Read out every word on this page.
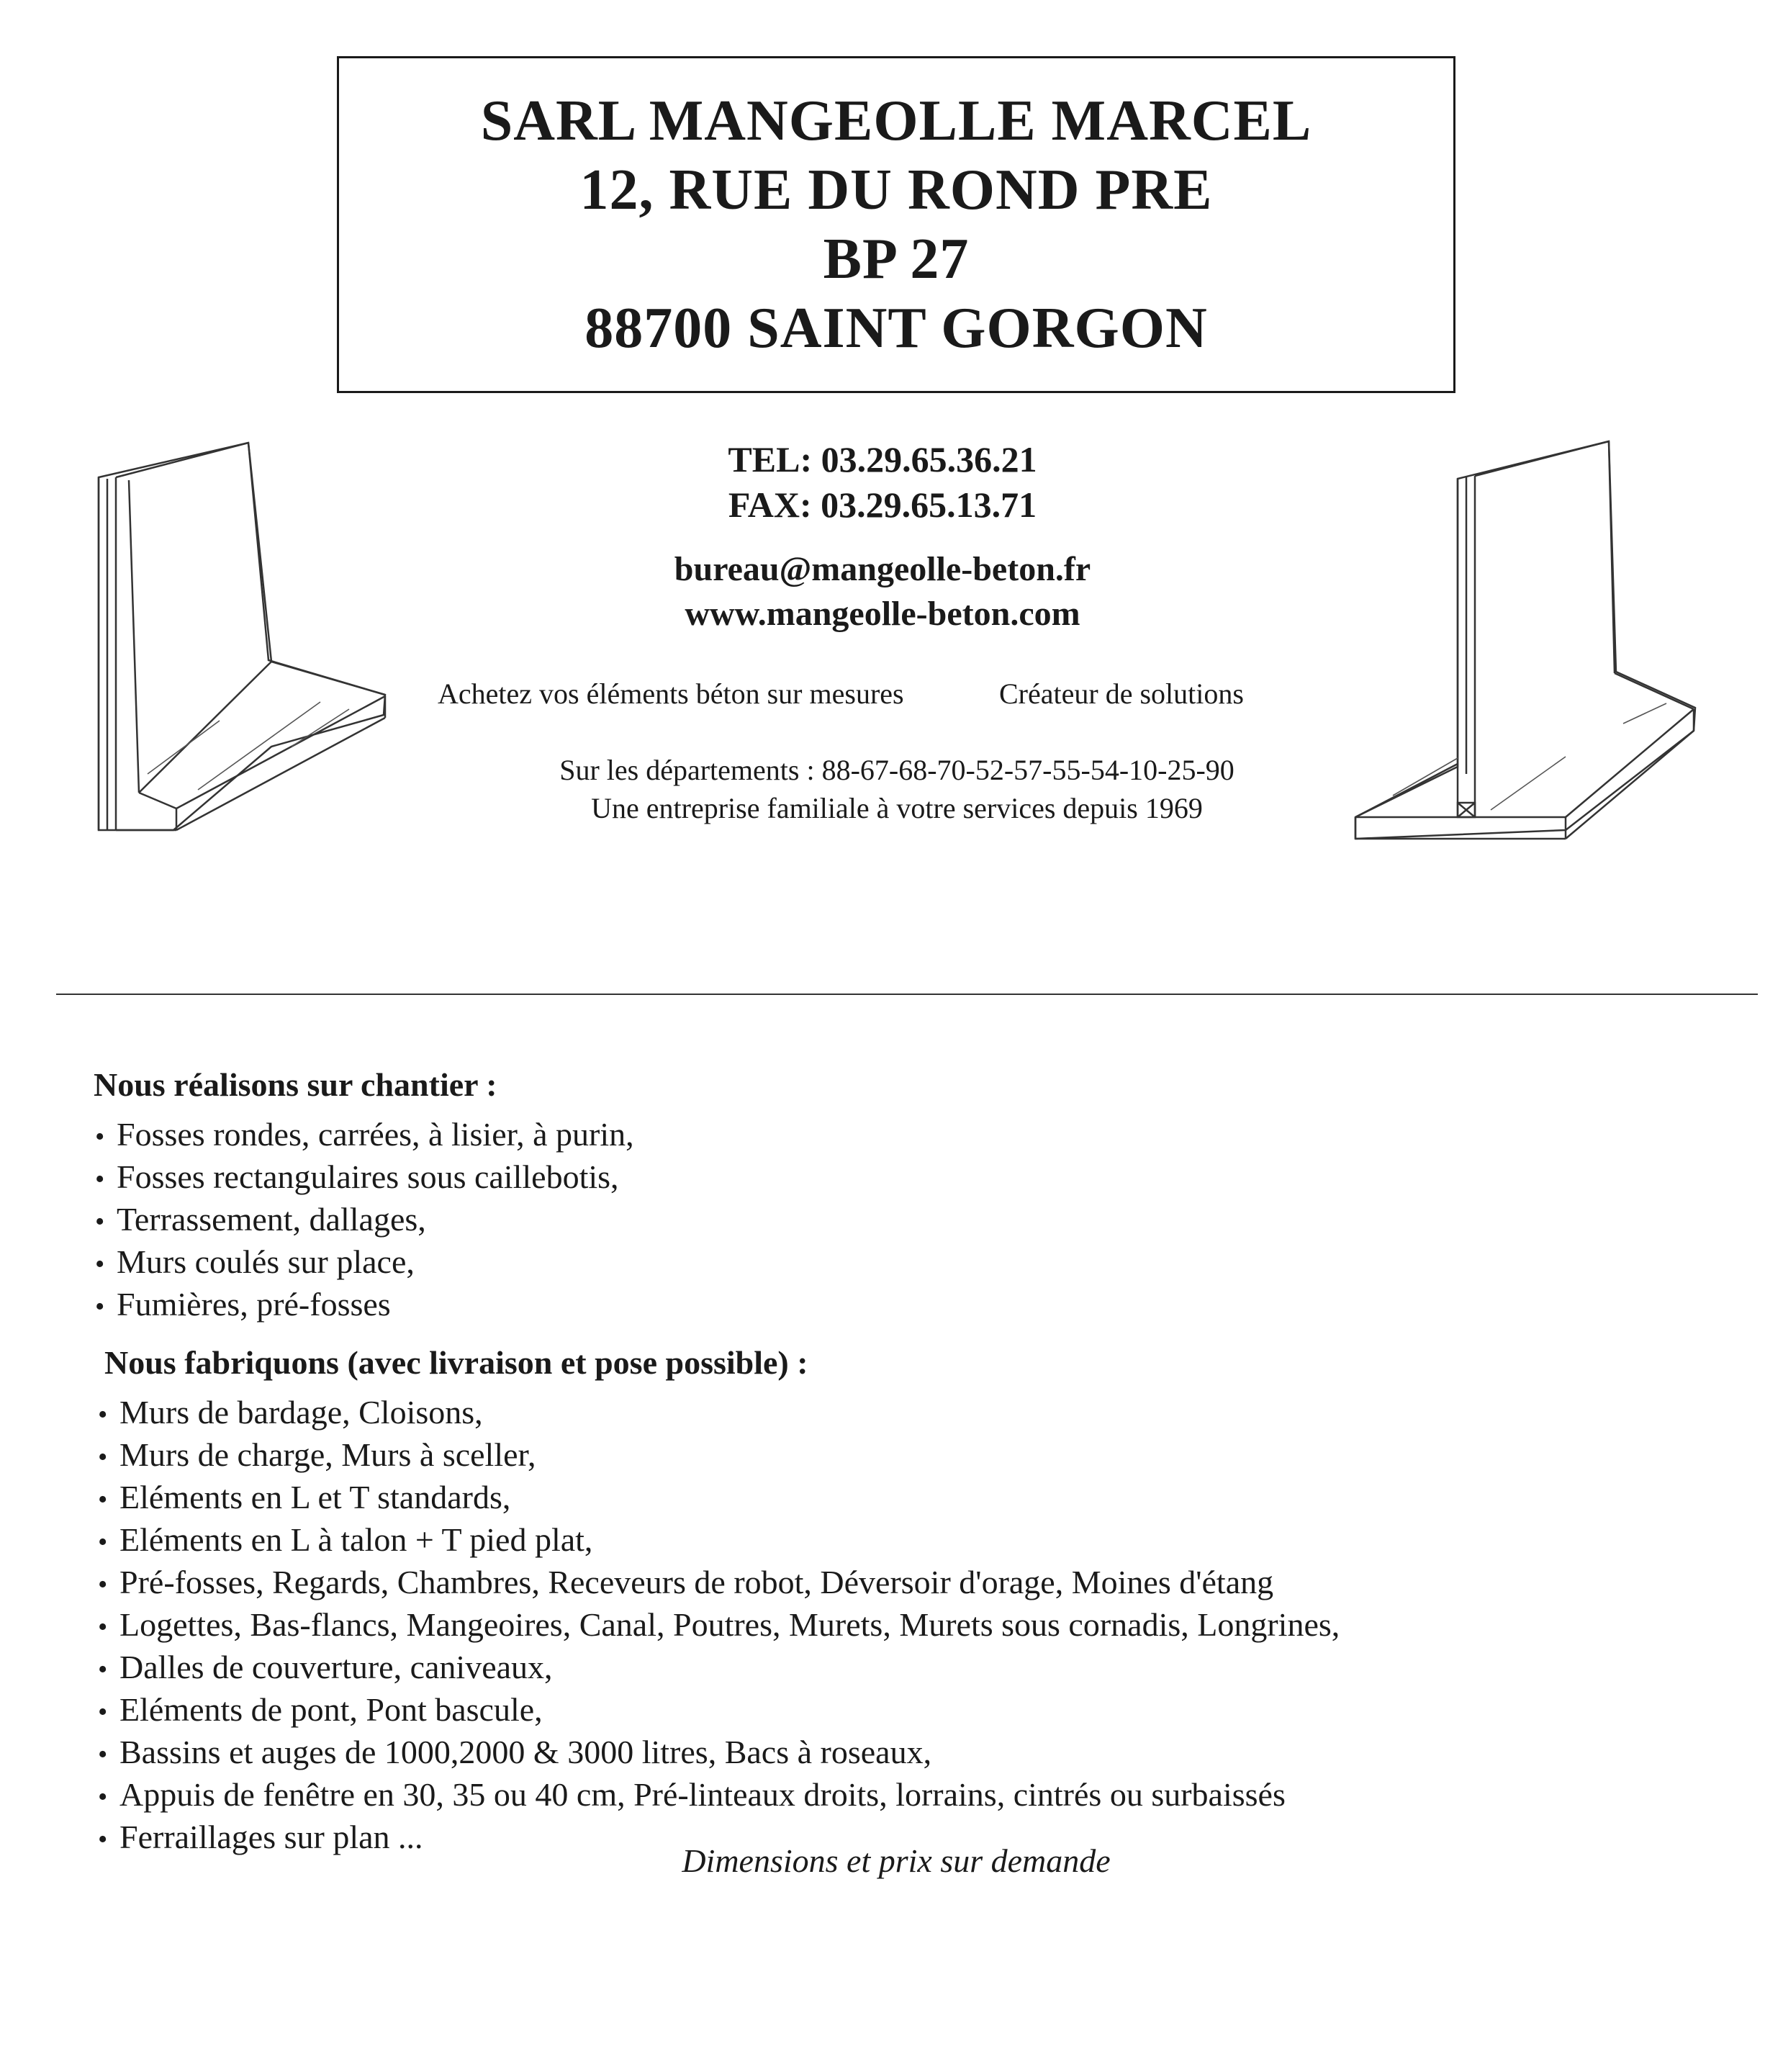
SARL MANGEOLLE MARCEL
12, RUE DU ROND PRE
BP 27
88700 SAINT GORGON
TEL: 03.29.65.36.21
FAX: 03.29.65.13.71
bureau@mangeolle-beton.fr
www.mangeolle-beton.com
Achetez vos éléments béton sur mesures	Créateur de solutions
Sur les départements : 88-67-68-70-52-57-55-54-10-25-90
Une entreprise familiale à votre services depuis 1969
Nous réalisons sur chantier :
• Fosses rondes, carrées, à lisier, à purin,
• Fosses rectangulaires sous caillebotis,
• Terrassement, dallages,
• Murs coulés sur place,
• Fumières, pré-fosses
Nous fabriquons (avec livraison et pose possible) :
• Murs de bardage, Cloisons,
• Murs de charge, Murs à sceller,
• Eléments en L et T standards,
• Eléments en L à talon + T pied plat,
• Pré-fosses, Regards, Chambres, Receveurs de robot, Déversoir d'orage, Moines d'étang
• Logettes, Bas-flancs, Mangeoires, Canal, Poutres, Murets, Murets sous cornadis, Longrines,
• Dalles de couverture, caniveaux,
• Eléments de pont, Pont bascule,
• Bassins et auges de 1000,2000 & 3000 litres, Bacs à roseaux,
• Appuis de fenêtre en 30, 35 ou 40 cm, Pré-linteaux droits, lorrains, cintrés ou surbaissés
• Ferraillages sur plan ...
Dimensions et prix sur demande
